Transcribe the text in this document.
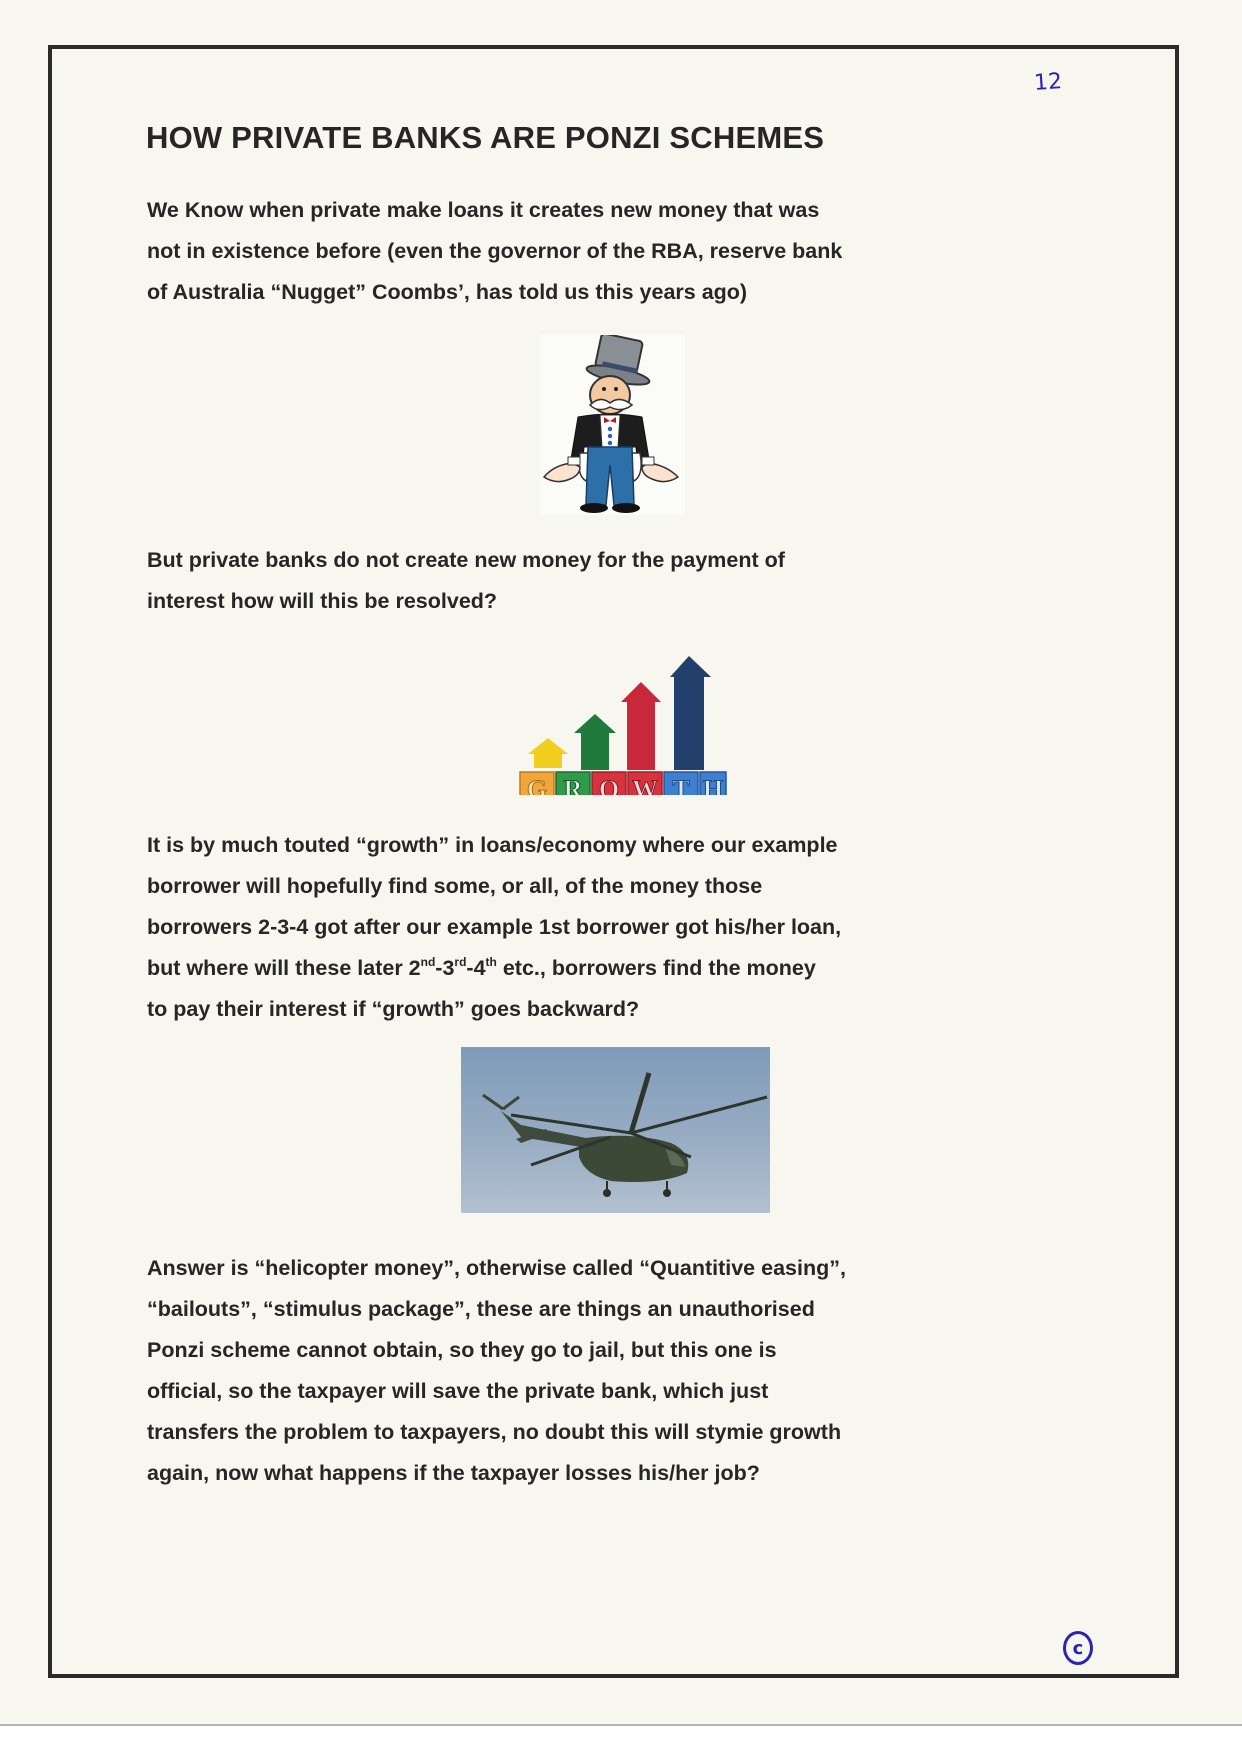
12
HOW PRIVATE BANKS ARE PONZI SCHEMES

We Know when private make loans it creates new money that was
not in existence before (even the governor of the RBA, reserve bank
of Australia “Nugget” Coombs’, has told us this years ago)

But private banks do not create new money for the payment of
interest how will this be resolved?

G R O W T H

It is by much touted “growth” in loans/economy where our example
borrower will hopefully find some, or all, of the money those
borrowers 2-3-4 got after our example 1st borrower got his/her loan,
but where will these later 2nd-3rd-4th etc., borrowers find the money
to pay their interest if “growth” goes backward?

Answer is “helicopter money”, otherwise called “Quantitive easing”,
“bailouts”, “stimulus package”, these are things an unauthorised
Ponzi scheme cannot obtain, so they go to jail, but this one is
official, so the taxpayer will save the private bank, which just
transfers the problem to taxpayers, no doubt this will stymie growth
again, now what happens if the taxpayer losses his/her job?

c
